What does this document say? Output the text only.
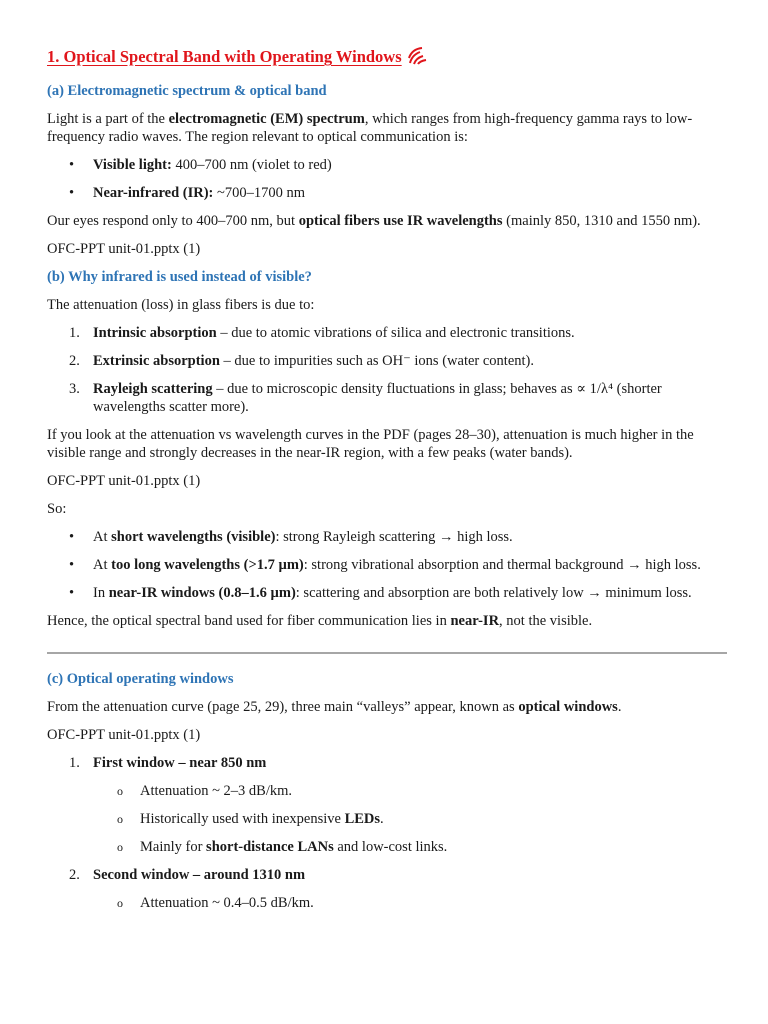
1. Optical Spectral Band with Operating Windows
(a) Electromagnetic spectrum & optical band

Light is a part of the electromagnetic (EM) spectrum, which ranges from high-frequency gamma rays to low-frequency radio waves. The region relevant to optical communication is:

• Visible light: 400–700 nm (violet to red)
• Near-infrared (IR): ~700–1700 nm

Our eyes respond only to 400–700 nm, but optical fibers use IR wavelengths (mainly 850, 1310 and 1550 nm).

OFC-PPT unit-01.pptx (1)

(b) Why infrared is used instead of visible?

The attenuation (loss) in glass fibers is due to:

1. Intrinsic absorption – due to atomic vibrations of silica and electronic transitions.
2. Extrinsic absorption – due to impurities such as OH⁻ ions (water content).
3. Rayleigh scattering – due to microscopic density fluctuations in glass; behaves as ∝ 1/λ⁴ (shorter wavelengths scatter more).

If you look at the attenuation vs wavelength curves in the PDF (pages 28–30), attenuation is much higher in the visible range and strongly decreases in the near-IR region, with a few peaks (water bands).

OFC-PPT unit-01.pptx (1)

So:

• At short wavelengths (visible): strong Rayleigh scattering → high loss.
• At too long wavelengths (>1.7 µm): strong vibrational absorption and thermal background → high loss.
• In near-IR windows (0.8–1.6 µm): scattering and absorption are both relatively low → minimum loss.

Hence, the optical spectral band used for fiber communication lies in near-IR, not the visible.

(c) Optical operating windows

From the attenuation curve (page 25, 29), three main “valleys” appear, known as optical windows.

OFC-PPT unit-01.pptx (1)

1. First window – near 850 nm
o Attenuation ~ 2–3 dB/km.
o Historically used with inexpensive LEDs.
o Mainly for short-distance LANs and low-cost links.
2. Second window – around 1310 nm
o Attenuation ~ 0.4–0.5 dB/km.
